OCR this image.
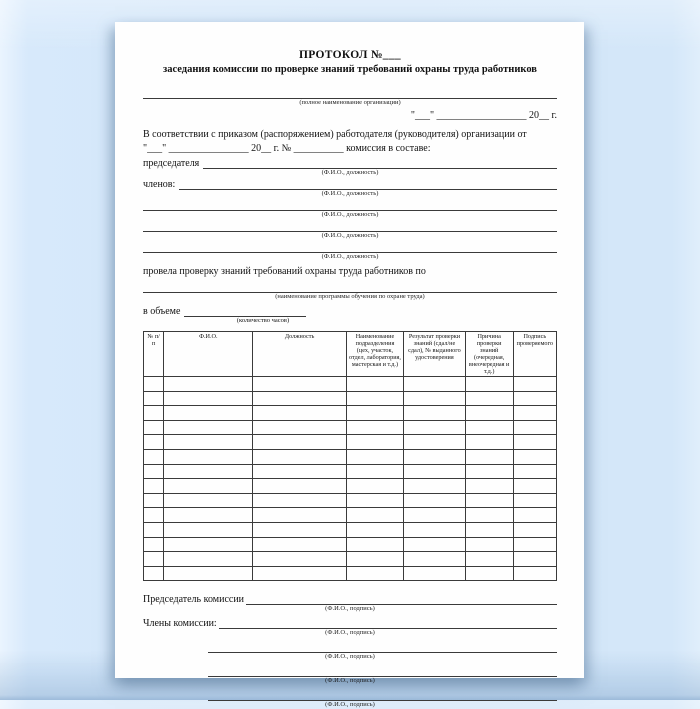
ПРОТОКОЛ №___
заседания комиссии по проверке знаний требований охраны труда работников
(полное наименование организации)
"___" __________________ 20__ г.
В соответствии с приказом (распоряжением) работодателя (руководителя) организации от
"___" ________________ 20__ г. № __________ комиссия в составе:
председателя
(Ф.И.О., должность)
членов:
(Ф.И.О., должность)
(Ф.И.О., должность)
(Ф.И.О., должность)
(Ф.И.О., должность)
провела проверку знаний требований охраны труда работников по
(наименование программы обучения по охране труда)
в объеме
(количество часов)
№ п/п	Ф.И.О.	Должность	Наименование подразделения (цех, участок, отдел, лаборатория, мастерская и т.д.)	Результат проверки знаний (сдал/не сдал), № выданного удостоверения	Причина проверки знаний (очередная, внеочередная и т.д.)	Подпись проверяемого

Председатель комиссии
(Ф.И.О., подпись)
Члены комиссии:
(Ф.И.О., подпись)
(Ф.И.О., подпись)
(Ф.И.О., подпись)
(Ф.И.О., подпись)
